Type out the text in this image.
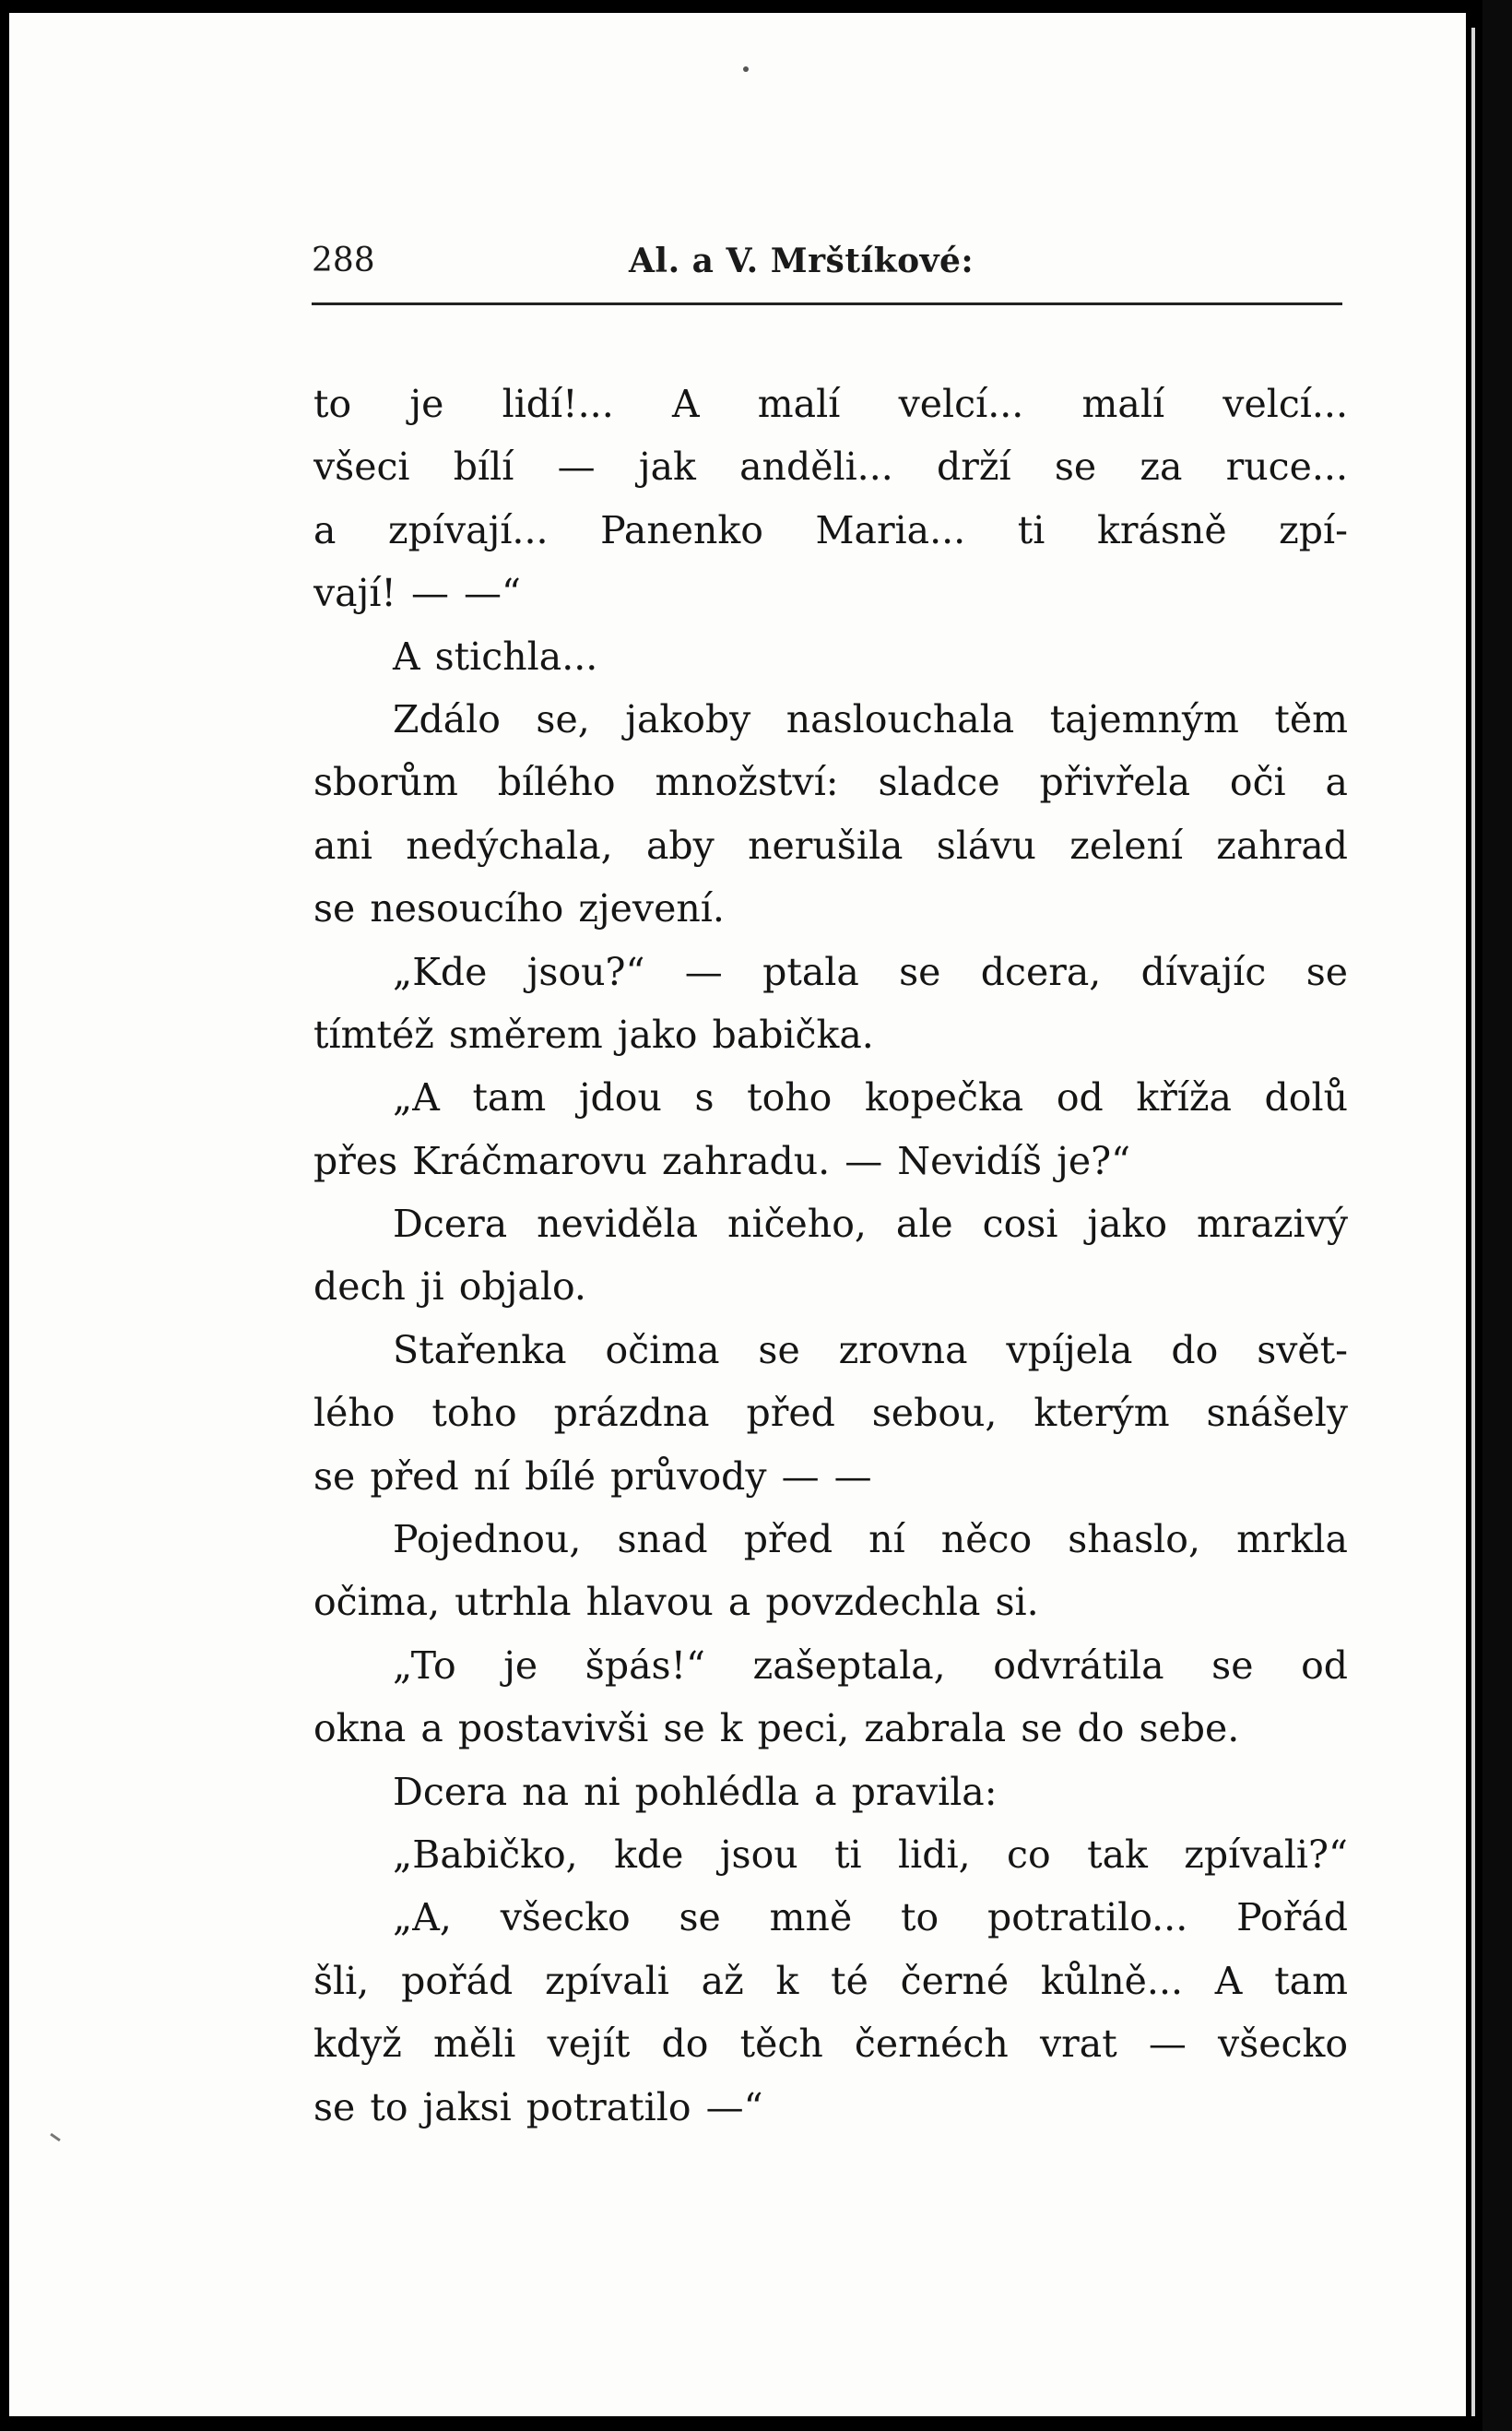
288	Al. a V. Mrštíkové:
to je lidí!... A malí velcí... malí velcí...
všeci bílí — jak anděli... drží se za ruce...
a zpívají... Panenko Maria... ti krásně zpí-
vají! — —“
A stichla...
Zdálo se, jakoby naslouchala tajemným těm
sborům bílého množství: sladce přivřela oči a
ani nedýchala, aby nerušila slávu zelení zahrad
se nesoucího zjevení.
„Kde jsou?“ — ptala se dcera, dívajíc se
tímtéž směrem jako babička.
„A tam jdou s toho kopečka od kříža dolů
přes Kráčmarovu zahradu. — Nevidíš je?“
Dcera neviděla ničeho, ale cosi jako mrazivý
dech ji objalo.
Stařenka očima se zrovna vpíjela do svět-
lého toho prázdna před sebou, kterým snášely
se před ní bílé průvody — —
Pojednou, snad před ní něco shaslo, mrkla
očima, utrhla hlavou a povzdechla si.
„To je špás!“ zašeptala, odvrátila se od
okna a postavivši se k peci, zabrala se do sebe.
Dcera na ni pohlédla a pravila:
„Babičko, kde jsou ti lidi, co tak zpívali?“
„A, všecko se mně to potratilo... Pořád
šli, pořád zpívali až k té černé kůlně... A tam
když měli vejít do těch černéch vrat — všecko
se to jaksi potratilo —“
